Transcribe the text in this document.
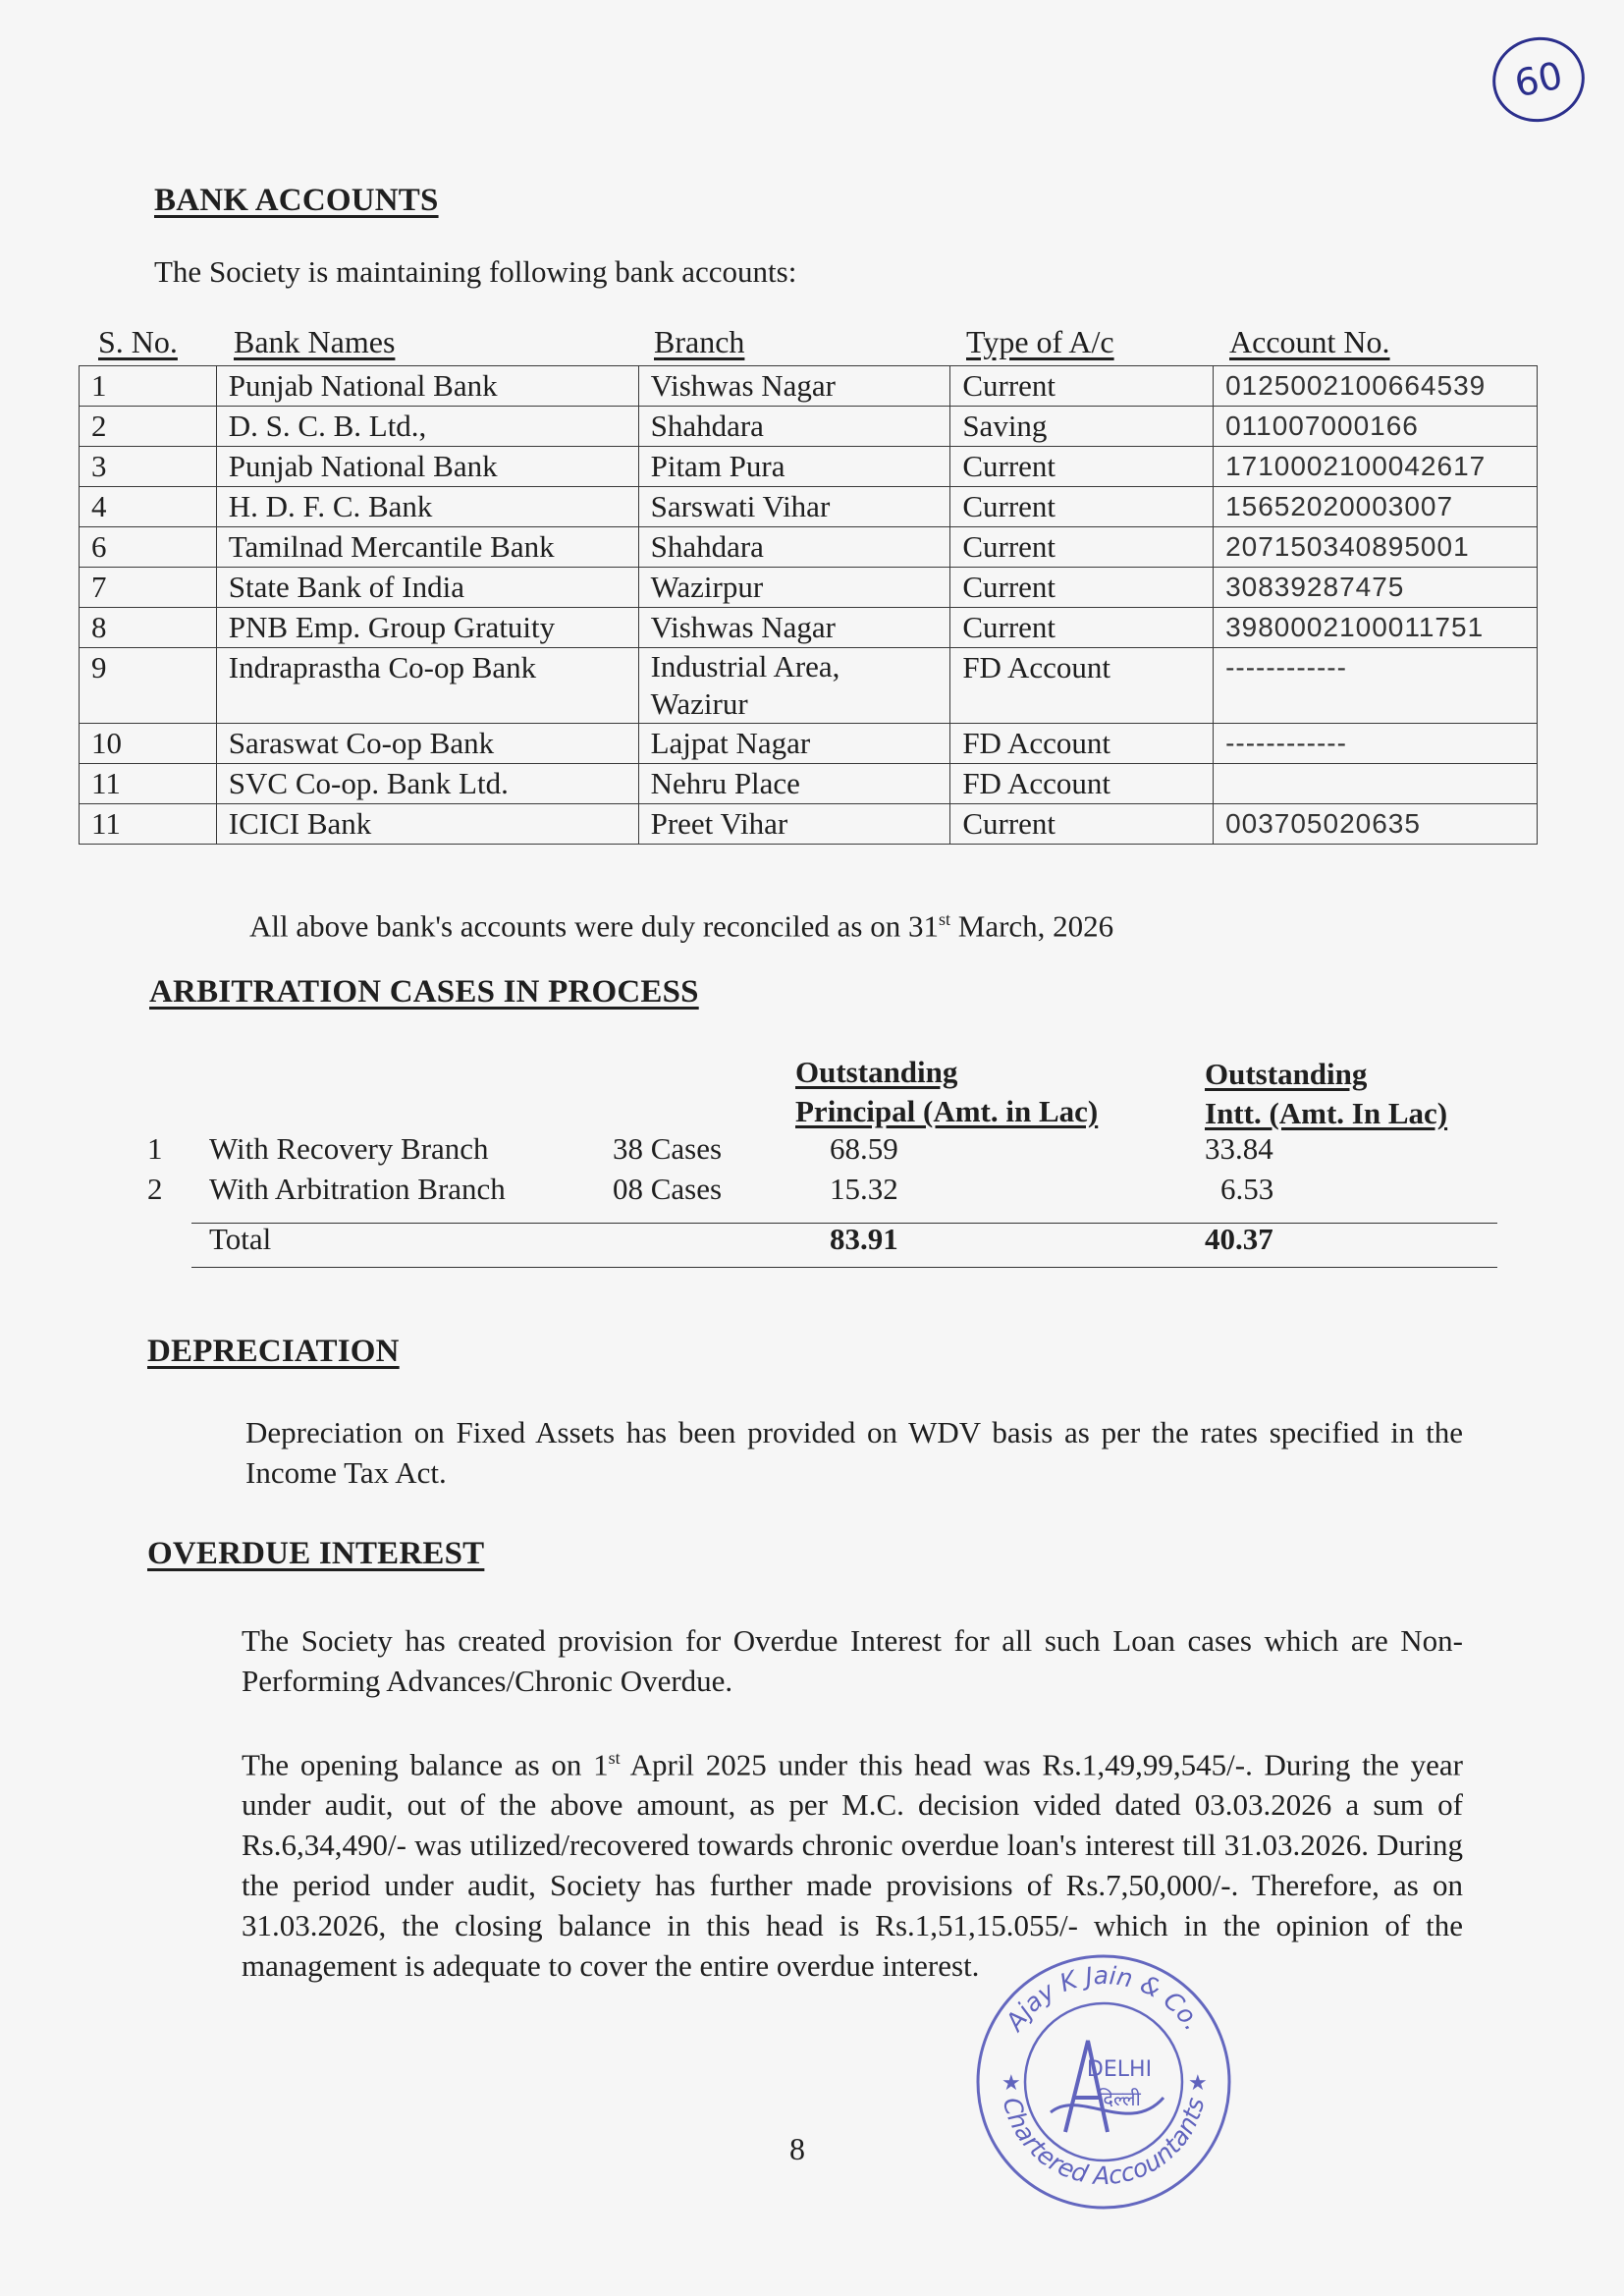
60
BANK ACCOUNTS
The Society is maintaining following bank accounts:
S. No. Bank Names	Branch	Type of A/c	Account No.
1	Punjab National Bank	Vishwas Nagar	Current	0125002100664539
2	D. S. C. B. Ltd.,	Shahdara	Saving	011007000166
3	Punjab National Bank	Pitam Pura	Current	1710002100042617
4	H. D. F. C. Bank	Sarswati Vihar	Current	15652020003007
6	Tamilnad Mercantile Bank	Shahdara	Current	207150340895001
7	State Bank of India	Wazirpur	Current	30839287475
8	PNB Emp. Group Gratuity	Vishwas Nagar	Current	3980002100011751
9	Indraprastha Co-op Bank	Industrial Area, Wazirur	FD Account	------------
10	Saraswat Co-op Bank	Lajpat Nagar	FD Account	------------
11	SVC Co-op. Bank Ltd.	Nehru Place	FD Account	
11	ICICI Bank	Preet Vihar	Current	003705020635
All above bank's accounts were duly reconciled as on 31st March, 2026
ARBITRATION CASES IN PROCESS
Outstanding
Principal (Amt. in Lac)
Outstanding
Intt. (Amt. In Lac)
1 With Recovery Branch	38 Cases	68.59	33.84
2 With Arbitration Branch	08 Cases	15.32	6.53
Total	83.91	40.37
DEPRECIATION
Depreciation on Fixed Assets has been provided on WDV basis as per the rates specified in the Income Tax Act.
OVERDUE INTEREST
The Society has created provision for Overdue Interest for all such Loan cases which are Non-Performing Advances/Chronic Overdue.
The opening balance as on 1st April 2025 under this head was Rs.1,49,99,545/-. During the year under audit, out of the above amount, as per M.C. decision vided dated 03.03.2026 a sum of Rs.6,34,490/- was utilized/recovered towards chronic overdue loan's interest till 31.03.2026. During the period under audit, Society has further made provisions of Rs.7,50,000/-. Therefore, as on 31.03.2026, the closing balance in this head is Rs.1,51,15.055/- which in the opinion of the management is adequate to cover the entire overdue interest.
Ajay K Jain & Co.
Chartered Accountants
★	★
DELHI
दिल्ली
8
